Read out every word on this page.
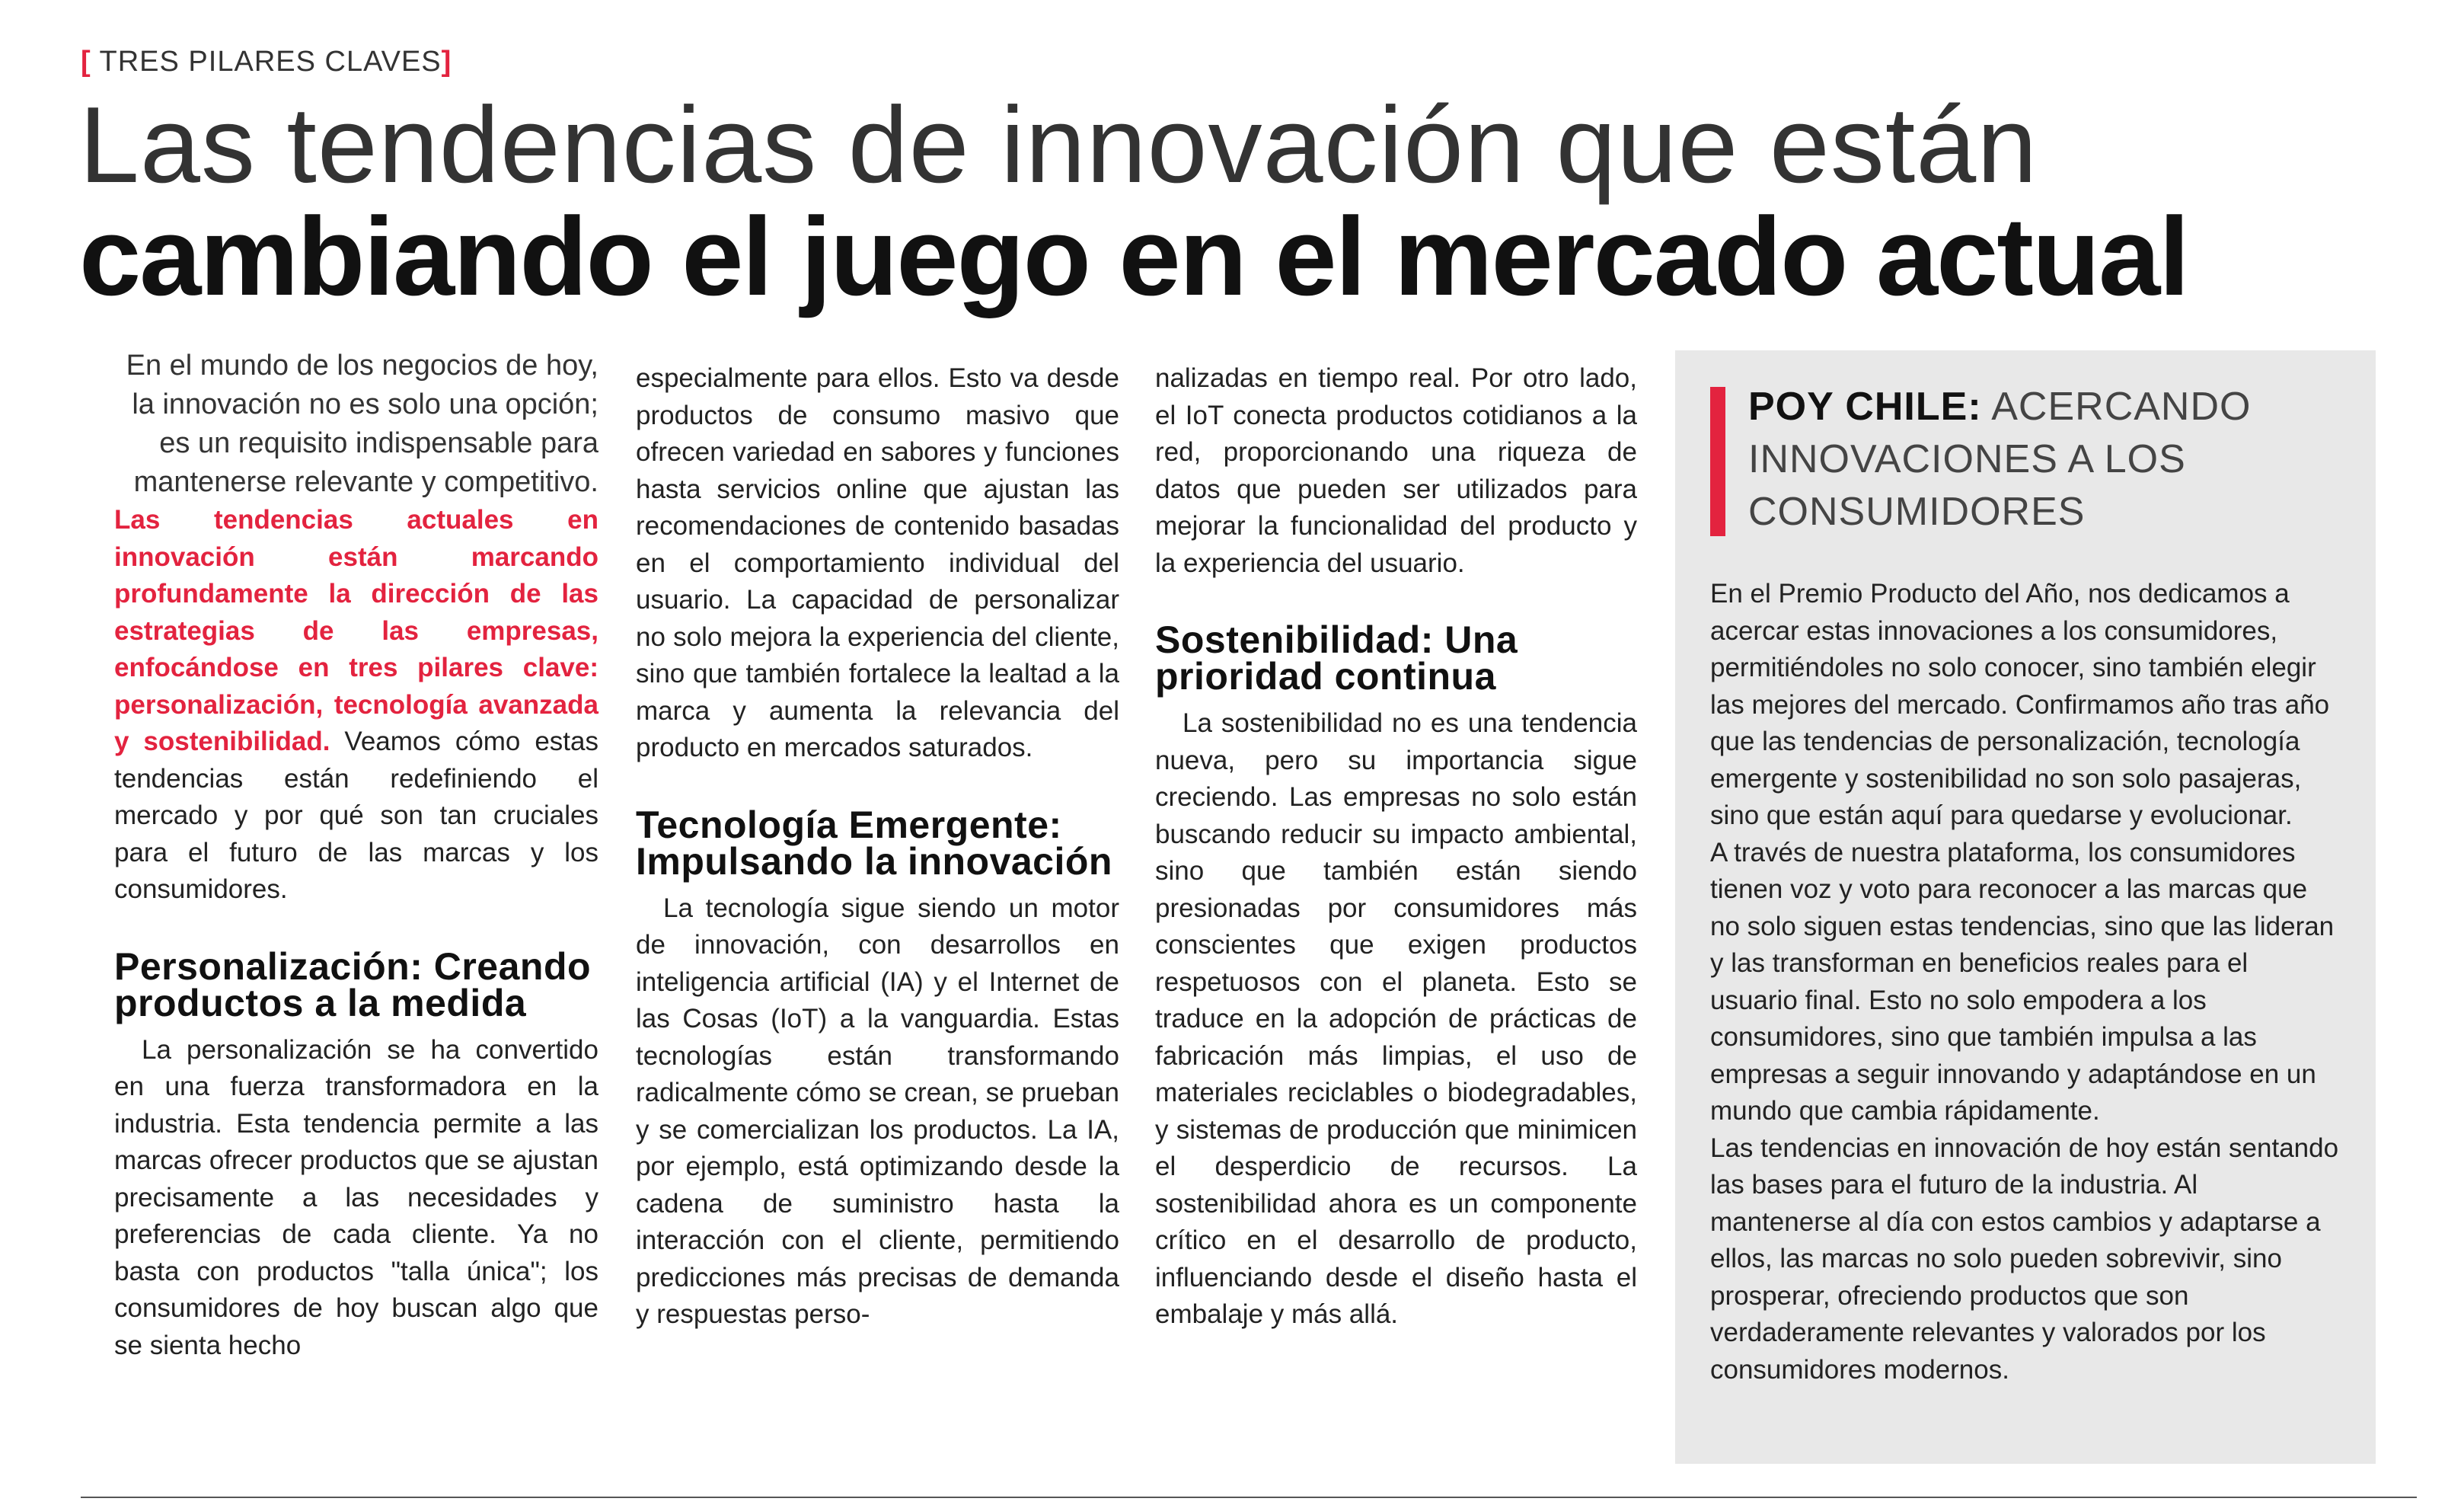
[ TRES PILARES CLAVES]
Las tendencias de innovación que están
cambiando el juego en el mercado actual

En el mundo de los negocios de hoy, la innovación no es solo una opción; es un requisito indispensable para mantenerse relevante y competitivo.

Las tendencias actuales en innovación están marcando profundamente la dirección de las estrategias de las empresas, enfocándose en tres pilares clave: personalización, tecnología avanzada y sostenibilidad. Veamos cómo estas tendencias están redefiniendo el mercado y por qué son tan cruciales para el futuro de las marcas y los consumidores.

Personalización: Creando productos a la medida

La personalización se ha convertido en una fuerza transformadora en la industria. Esta tendencia permite a las marcas ofrecer productos que se ajustan precisamente a las necesidades y preferencias de cada cliente. Ya no basta con productos "talla única"; los consumidores de hoy buscan algo que se sienta hecho

especialmente para ellos. Esto va desde productos de consumo masivo que ofrecen variedad en sabores y funciones hasta servicios online que ajustan las recomendaciones de contenido basadas en el comportamiento individual del usuario. La capacidad de personalizar no solo mejora la experiencia del cliente, sino que también fortalece la lealtad a la marca y aumenta la relevancia del producto en mercados saturados.

Tecnología Emergente: Impulsando la innovación

La tecnología sigue siendo un motor de innovación, con desarrollos en inteligencia artificial (IA) y el Internet de las Cosas (IoT) a la vanguardia. Estas tecnologías están transformando radicalmente cómo se crean, se prueban y se comercializan los productos. La IA, por ejemplo, está optimizando desde la cadena de suministro hasta la interacción con el cliente, permitiendo predicciones más precisas de demanda y respuestas perso-

nalizadas en tiempo real. Por otro lado, el IoT conecta productos cotidianos a la red, proporcionando una riqueza de datos que pueden ser utilizados para mejorar la funcionalidad del producto y la experiencia del usuario.

Sostenibilidad: Una prioridad continua

La sostenibilidad no es una tendencia nueva, pero su importancia sigue creciendo. Las empresas no solo están buscando reducir su impacto ambiental, sino que también están siendo presionadas por consumidores más conscientes que exigen productos respetuosos con el planeta. Esto se traduce en la adopción de prácticas de fabricación más limpias, el uso de materiales reciclables o biodegradables, y sistemas de producción que minimicen el desperdicio de recursos. La sostenibilidad ahora es un componente crítico en el desarrollo de producto, influenciando desde el diseño hasta el embalaje y más allá.

POY CHILE: ACERCANDO INNOVACIONES A LOS CONSUMIDORES

En el Premio Producto del Año, nos dedicamos a acercar estas innovaciones a los consumidores, permitiéndoles no solo conocer, sino también elegir las mejores del mercado. Confirmamos año tras año que las tendencias de personalización, tecnología emergente y sostenibilidad no son solo pasajeras, sino que están aquí para quedarse y evolucionar.

A través de nuestra plataforma, los consumidores tienen voz y voto para reconocer a las marcas que no solo siguen estas tendencias, sino que las lideran y las transforman en beneficios reales para el usuario final. Esto no solo empodera a los consumidores, sino que también impulsa a las empresas a seguir innovando y adaptándose en un mundo que cambia rápidamente.

Las tendencias en innovación de hoy están sentando las bases para el futuro de la industria. Al mantenerse al día con estos cambios y adaptarse a ellos, las marcas no solo pueden sobrevivir, sino prosperar, ofreciendo productos que son verdaderamente relevantes y valorados por los consumidores modernos.
